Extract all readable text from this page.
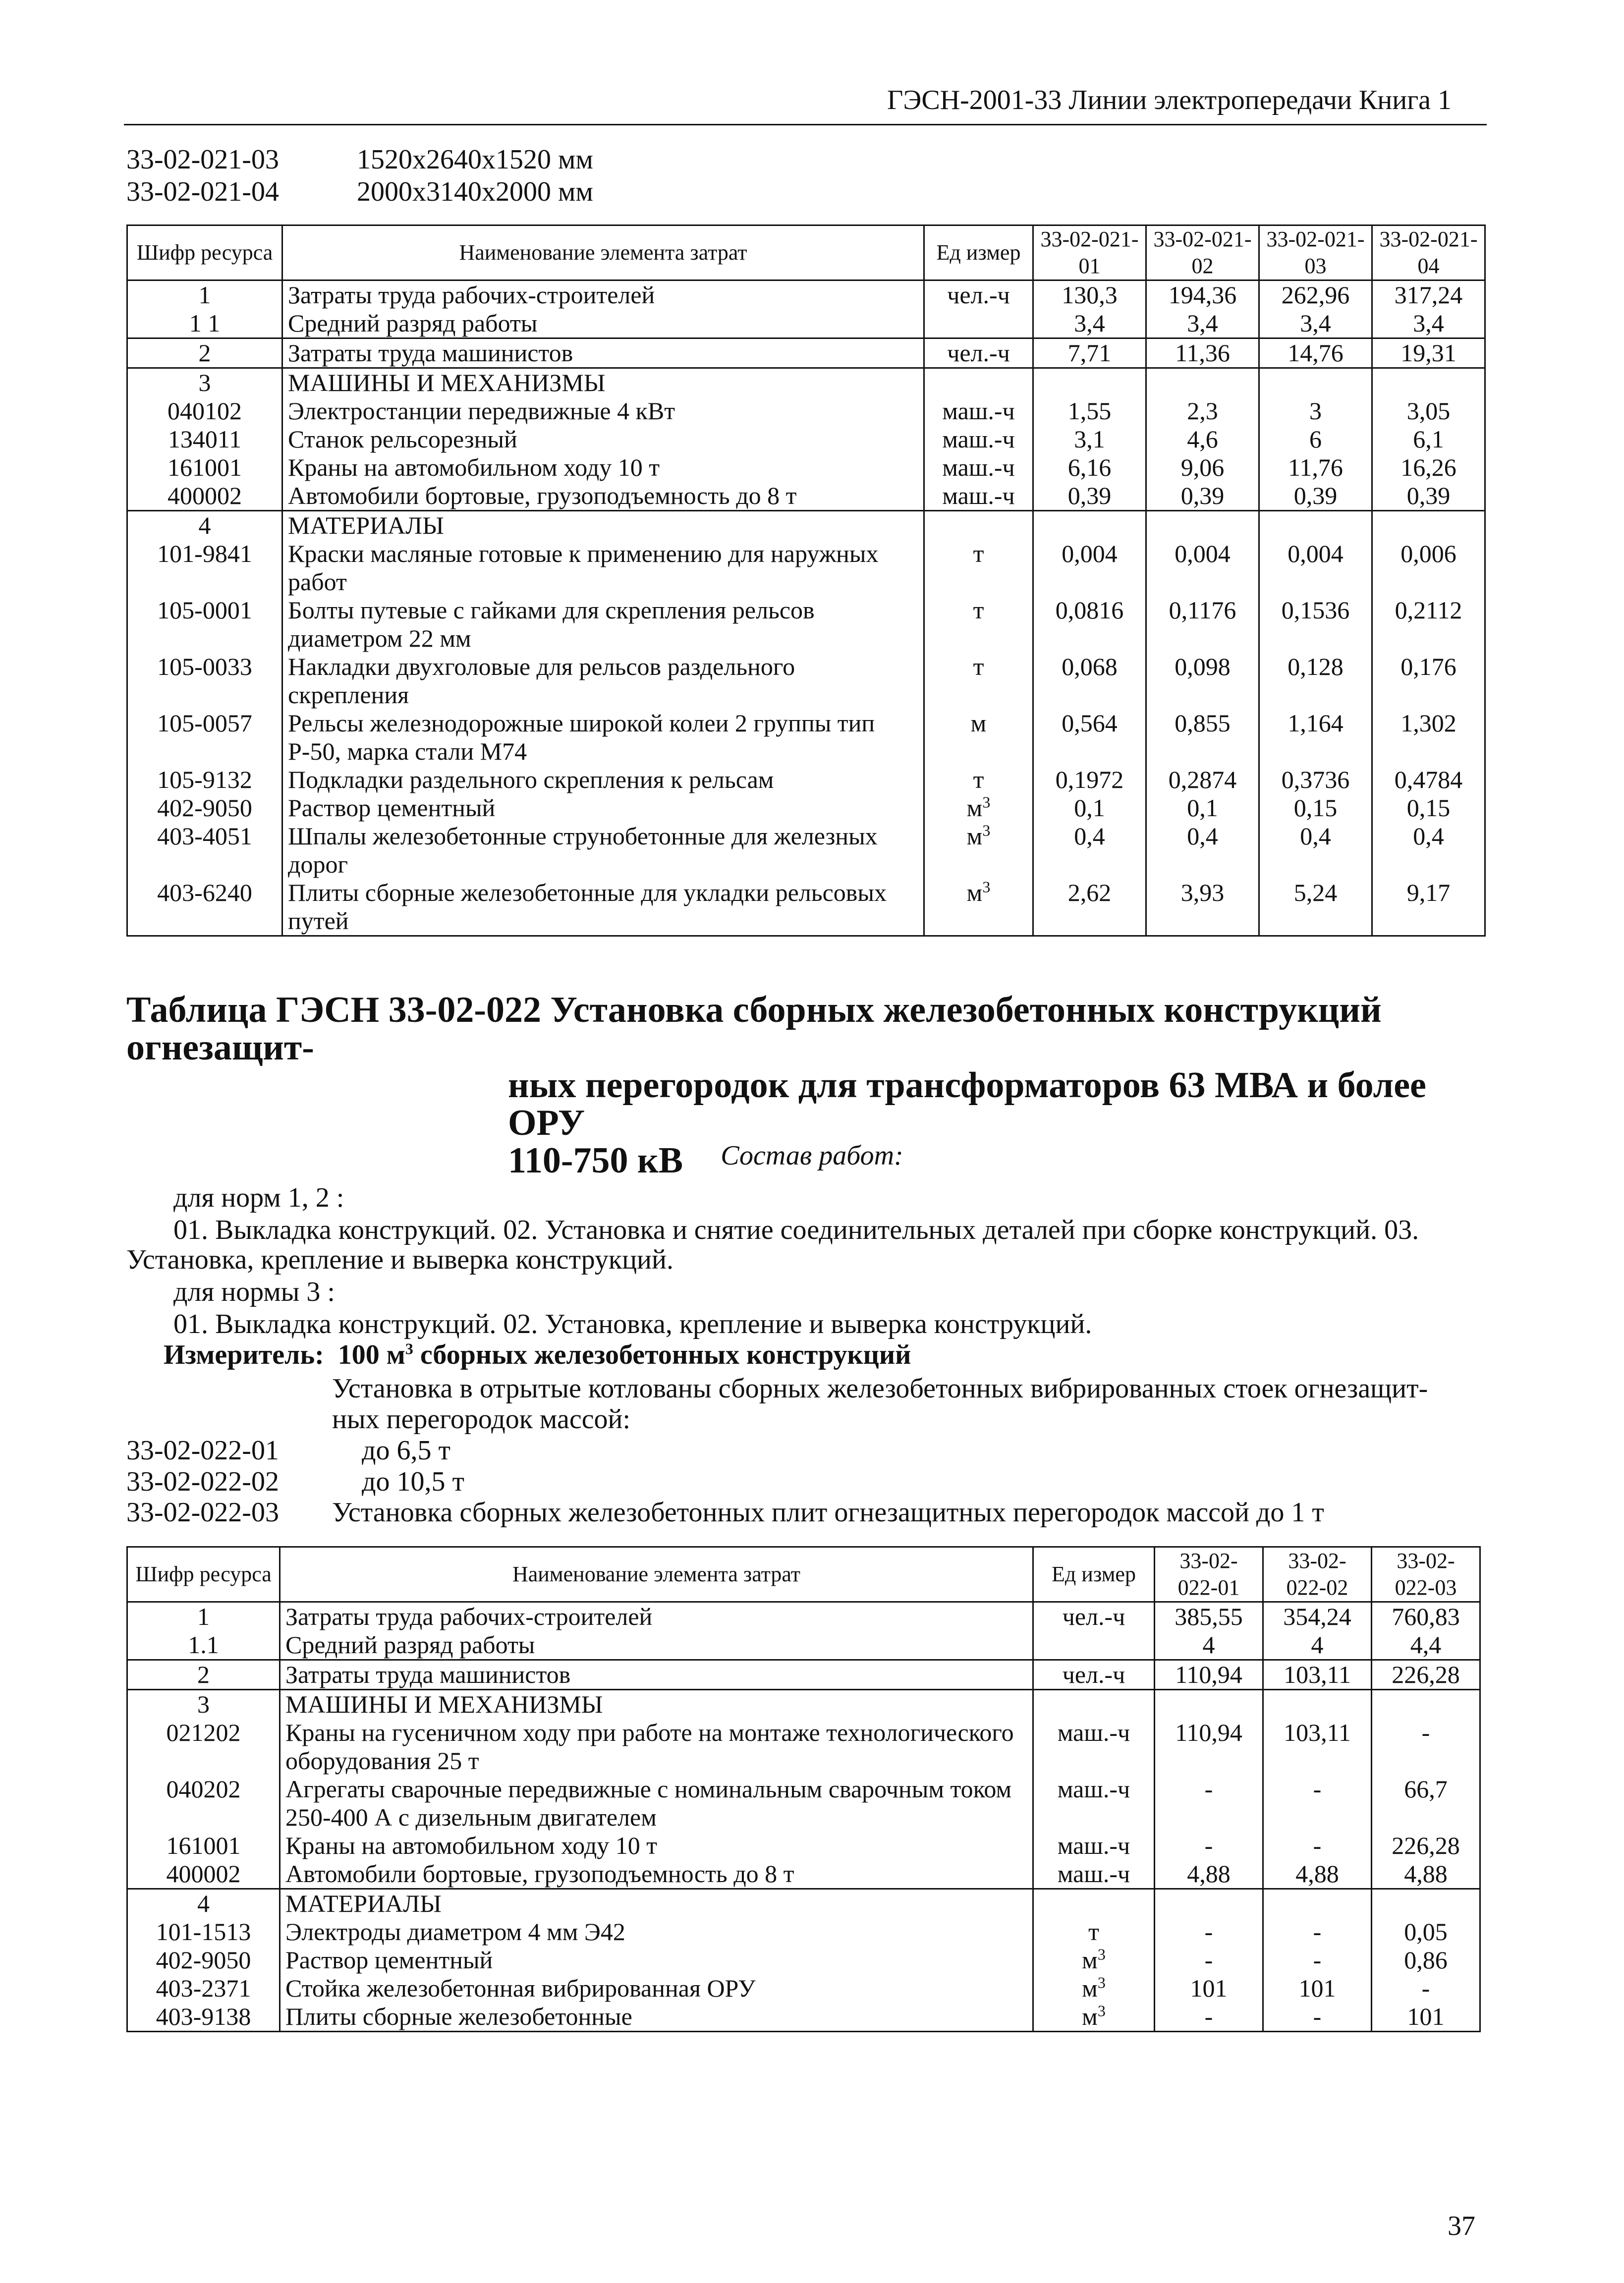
ГЭСН-2001-33 Линии электропередачи Книга 1
33-02-021-03	1520x2640x1520 мм
33-02-021-04	2000x3140x2000 мм
Шифр ресурса	Наименование элемента затрат	Ед измер	33-02-021-01	33-02-021-02	33-02-021-03	33-02-021-04
1	Затраты труда рабочих-строителей	чел.-ч	130,3	194,36	262,96	317,24
1 1	Средний разряд работы		3,4	3,4	3,4	3,4
2	Затраты труда машинистов	чел.-ч	7,71	11,36	14,76	19,31
3	МАШИНЫ И МЕХАНИЗМЫ					
040102	Электростанции передвижные 4 кВт	маш.-ч	1,55	2,3	3	3,05
134011	Станок рельсорезный	маш.-ч	3,1	4,6	6	6,1
161001	Краны на автомобильном ходу 10 т	маш.-ч	6,16	9,06	11,76	16,26
400002	Автомобили бортовые, грузоподъемность до 8 т	маш.-ч	0,39	0,39	0,39	0,39
4	МАТЕРИАЛЫ					
101-9841	Краски масляные готовые к применению для наружных работ	т	0,004	0,004	0,004	0,006
105-0001	Болты путевые с гайками для скрепления рельсов диаметром 22 мм	т	0,0816	0,1176	0,1536	0,2112
105-0033	Накладки двухголовые для рельсов раздельного скрепления	т	0,068	0,098	0,128	0,176
105-0057	Рельсы железнодорожные широкой колеи 2 группы тип Р-50, марка стали М74	м	0,564	0,855	1,164	1,302
105-9132	Подкладки раздельного скрепления к рельсам	т	0,1972	0,2874	0,3736	0,4784
402-9050	Раствор цементный	$м^3$	0,1	0,1	0,15	0,15
403-4051	Шпалы железобетонные струнобетонные для железных дорог	$м^3$	0,4	0,4	0,4	0,4
403-6240	Плиты сборные железобетонные для укладки рельсовых путей	$м^3$	2,62	3,93	5,24	9,17
Таблица ГЭСН 33-02-022 Установка сборных железобетонных конструкций огнезащит-
ных перегородок для трансформаторов 63 МВА и более ОРУ
110-750 кВ	Состав работ:
для норм 1, 2 :
01. Выкладка конструкций. 02. Установка и снятие соединительных деталей при сборке конструкций. 03.
Установка, крепление и выверка конструкций.
для нормы 3 :
01. Выкладка конструкций. 02. Установка, крепление и выверка конструкций.
Измеритель: 100 $м^3$ сборных железобетонных конструкций
Установка в отрытые котлованы сборных железобетонных вибрированных стоек огнезащит-
ных перегородок массой:
33-02-022-01	до 6,5 т
33-02-022-02	до 10,5 т
33-02-022-03 Установка сборных железобетонных плит огнезащитных перегородок массой до 1 т
Шифр ресурса	Наименование элемента затрат	Ед измер	33-02-022-01	33-02-022-02	33-02-022-03
1	Затраты труда рабочих-строителей	чел.-ч	385,55	354,24	760,83
1.1	Средний разряд работы		4	4	4,4
2	Затраты труда машинистов	чел.-ч	110,94	103,11	226,28
3	МАШИНЫ И МЕХАНИЗМЫ				
021202	Краны на гусеничном ходу при работе на монтаже технологического оборудования 25 т	маш.-ч	110,94	103,11	-
040202	Агрегаты сварочные передвижные с номинальным сварочным током 250-400 А с дизельным двигателем	маш.-ч	-	-	66,7
161001	Краны на автомобильном ходу 10 т	маш.-ч	-	-	226,28
400002	Автомобили бортовые, грузоподъемность до 8 т	маш.-ч	4,88	4,88	4,88
4	МАТЕРИАЛЫ				
101-1513	Электроды диаметром 4 мм Э42	т	-	-	0,05
402-9050	Раствор цементный	$м^3$	-	-	0,86
403-2371	Стойка железобетонная вибрированная ОРУ	$м^3$	101	101	-
403-9138	Плиты сборные железобетонные	$м^3$	-	-	101
37
